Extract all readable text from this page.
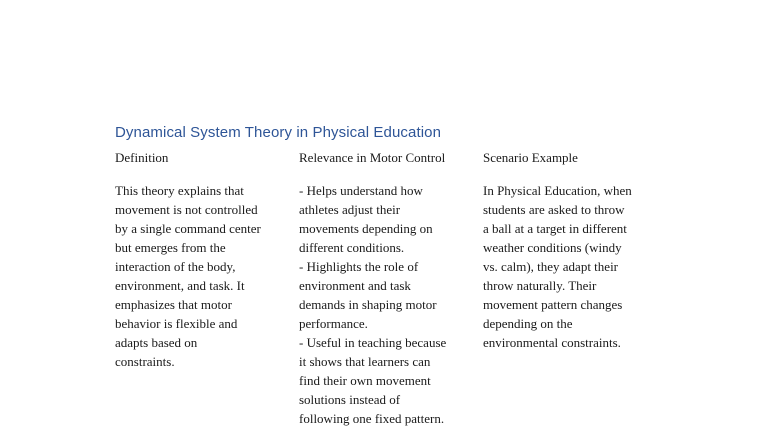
Dynamical System Theory in Physical Education
Definition	Relevance in Motor Control	Scenario Example
This theory explains that
movement is not controlled
by a single command center
but emerges from the
interaction of the body,
environment, and task. It
emphasizes that motor
behavior is flexible and
adapts based on
constraints.
- Helps understand how
athletes adjust their
movements depending on
different conditions.
- Highlights the role of
environment and task
demands in shaping motor
performance.
- Useful in teaching because
it shows that learners can
find their own movement
solutions instead of
following one fixed pattern.
In Physical Education, when
students are asked to throw
a ball at a target in different
weather conditions (windy
vs. calm), they adapt their
throw naturally. Their
movement pattern changes
depending on the
environmental constraints.
